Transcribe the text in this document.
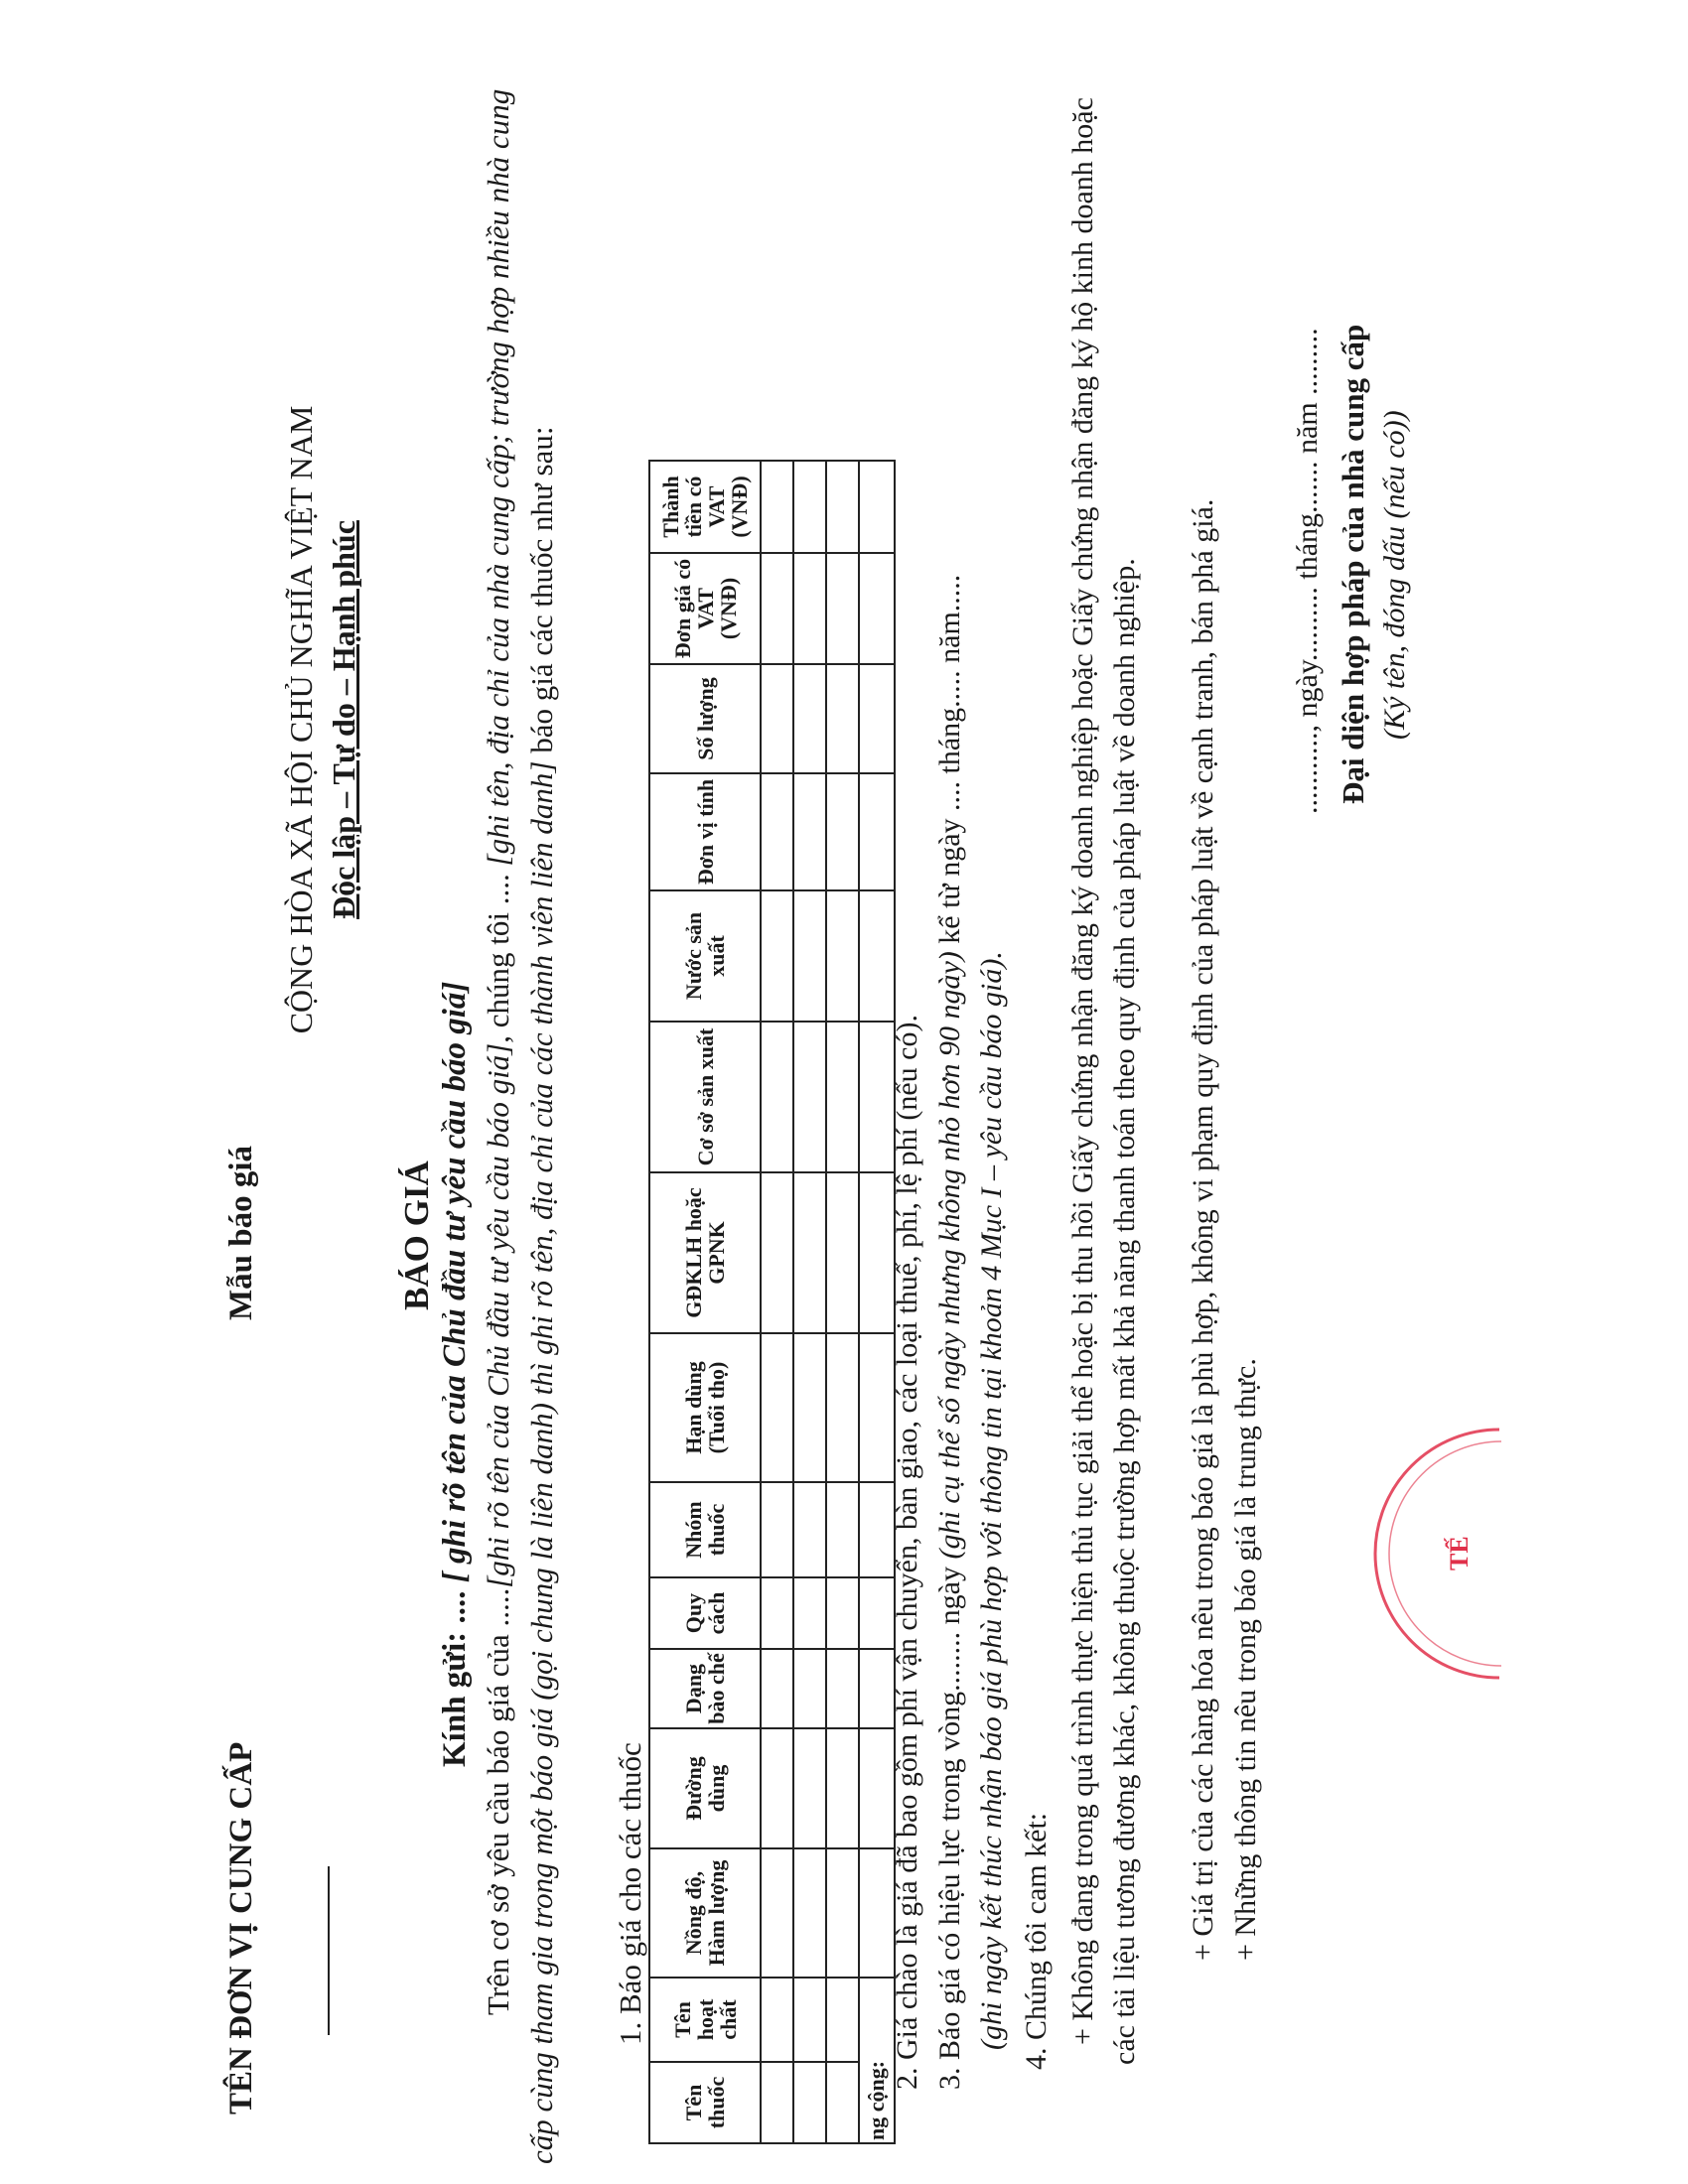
TÊN ĐƠN VỊ CUNG CẤP
Mẫu báo giá
CỘNG HÒA XÃ HỘI CHỦ NGHĨA VIỆT NAM Độc lập – Tự do – Hạnh phúc
BÁO GIÁ
Kính gửi: .... [ ghi rõ tên của Chủ đầu tư yêu cầu báo giá]
Trên cơ sở yêu cầu báo giá của .....[ghi rõ tên của Chủ đầu tư yêu cầu báo giá], chúng tôi .... [ghi tên, địa chỉ của nhà cung cấp; trường hợp nhiều nhà cung cấp cùng tham gia trong một báo giá (gọi chung là liên danh) thì ghi rõ tên, địa chỉ của các thành viên liên danh] báo giá các thuốc như sau:
1. Báo giá cho các thuốc
Tên thuốc	Tên hoạt chất	Nồng độ, Hàm lượng	Đường dùng	Dạng bào chế	Quy cách	Nhóm thuốc	Hạn dùng (Tuổi thọ)	GĐKLH hoặc GPNK	Cơ sở sản xuất	Nước sản xuất	Đơn vị tính	Số lượng	Đơn giá có VAT (VNĐ)	Thành tiền có VAT (VNĐ)

ng cộng:														
2. Giá chào là giá đã bao gồm phí vận chuyển, bàn giao, các loại thuế, phí, lệ phí (nếu có). 3. Báo giá có hiệu lực trong vòng........ ngày (ghi cụ thể số ngày nhưng không nhỏ hơn 90 ngày) kể từ ngày .... tháng..... năm.....
(ghi ngày kết thúc nhận báo giá phù hợp với thông tin tại khoản 4 Mục I – yêu cầu báo giá). 4. Chúng tôi cam kết: + Không đang trong quá trình thực hiện thủ tục giải thể hoặc bị thu hồi Giấy chứng nhận đăng ký doanh nghiệp hoặc Giấy chứng nhận đăng ký hộ kinh doanh hoặc các tài liệu tương đương khác, không thuộc trường hợp mất khả năng thanh toán theo quy định của pháp luật về doanh nghiệp. + Giá trị của các hàng hóa nêu trong báo giá là phù hợp, không vi phạm quy định của pháp luật về cạnh tranh, bán phá giá. + Những thông tin nêu trong báo giá là trung thực.
..........., ngày.......... tháng....... năm ......... Đại diện hợp pháp của nhà cung cấp (Ký tên, đóng dấu (nếu có))
TẾ
